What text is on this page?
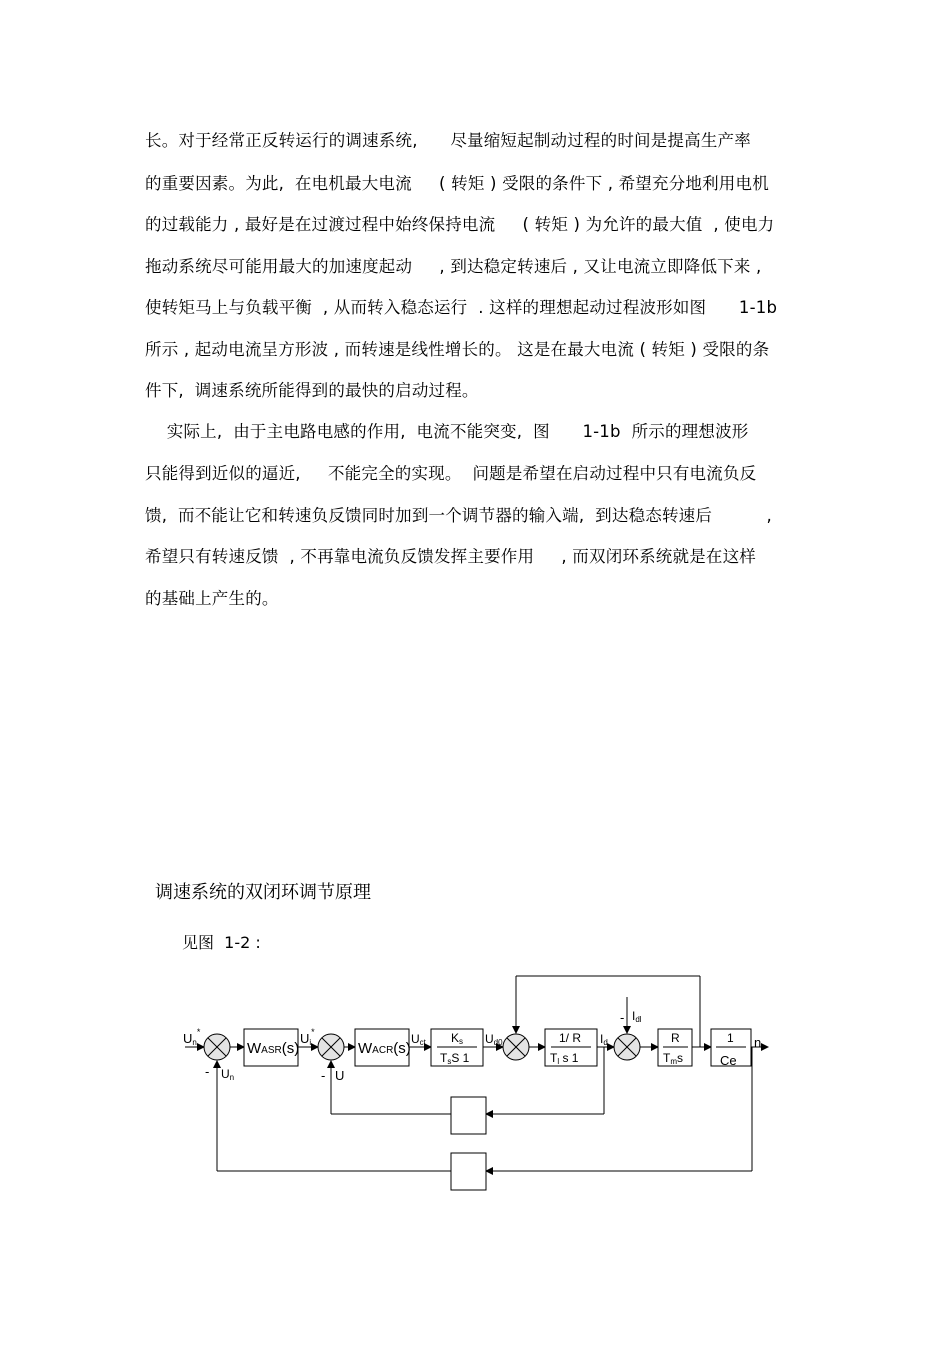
长。对于经常正反转运行的调速系统,      尽量缩短起制动过程的时间是提高生产率
的重要因素。为此,  在电机最大电流     ( 转矩 ) 受限的条件下 , 希望充分地利用电机
的过载能力 , 最好是在过渡过程中始终保持电流     ( 转矩 ) 为允许的最大值  , 使电力
拖动系统尽可能用最大的加速度起动     , 到达稳定转速后 , 又让电流立即降低下来 ,
使转矩马上与负载平衡  , 从而转入稳态运行  . 这样的理想起动过程波形如图      1-1b
所示 , 起动电流呈方形波 , 而转速是线性增长的。 这是在最大电流 ( 转矩 ) 受限的条
件下,  调速系统所能得到的最快的启动过程。
实际上,  由于主电路电感的作用,  电流不能突变,  图      1-1b  所示的理想波形
只能得到近似的逼近,     不能完全的实现。  问题是希望在启动过程中只有电流负反
馈,  而不能让它和转速负反馈同时加到一个调节器的输入端,  到达稳态转速后          ,
希望只有转速反馈  , 不再靠电流负反馈发挥主要作用     , 而双闭环系统就是在这样
的基础上产生的。
调速系统的双闭环调节原理
见图  1-2 :
WASR(s)	WACR(s)
Ks
TsS 1
1/ R
Tl s 1
R
Tms
1
Ce
Un*
- Un
Ui*
- U
Uct	Ud0	Id
- Idl
n
